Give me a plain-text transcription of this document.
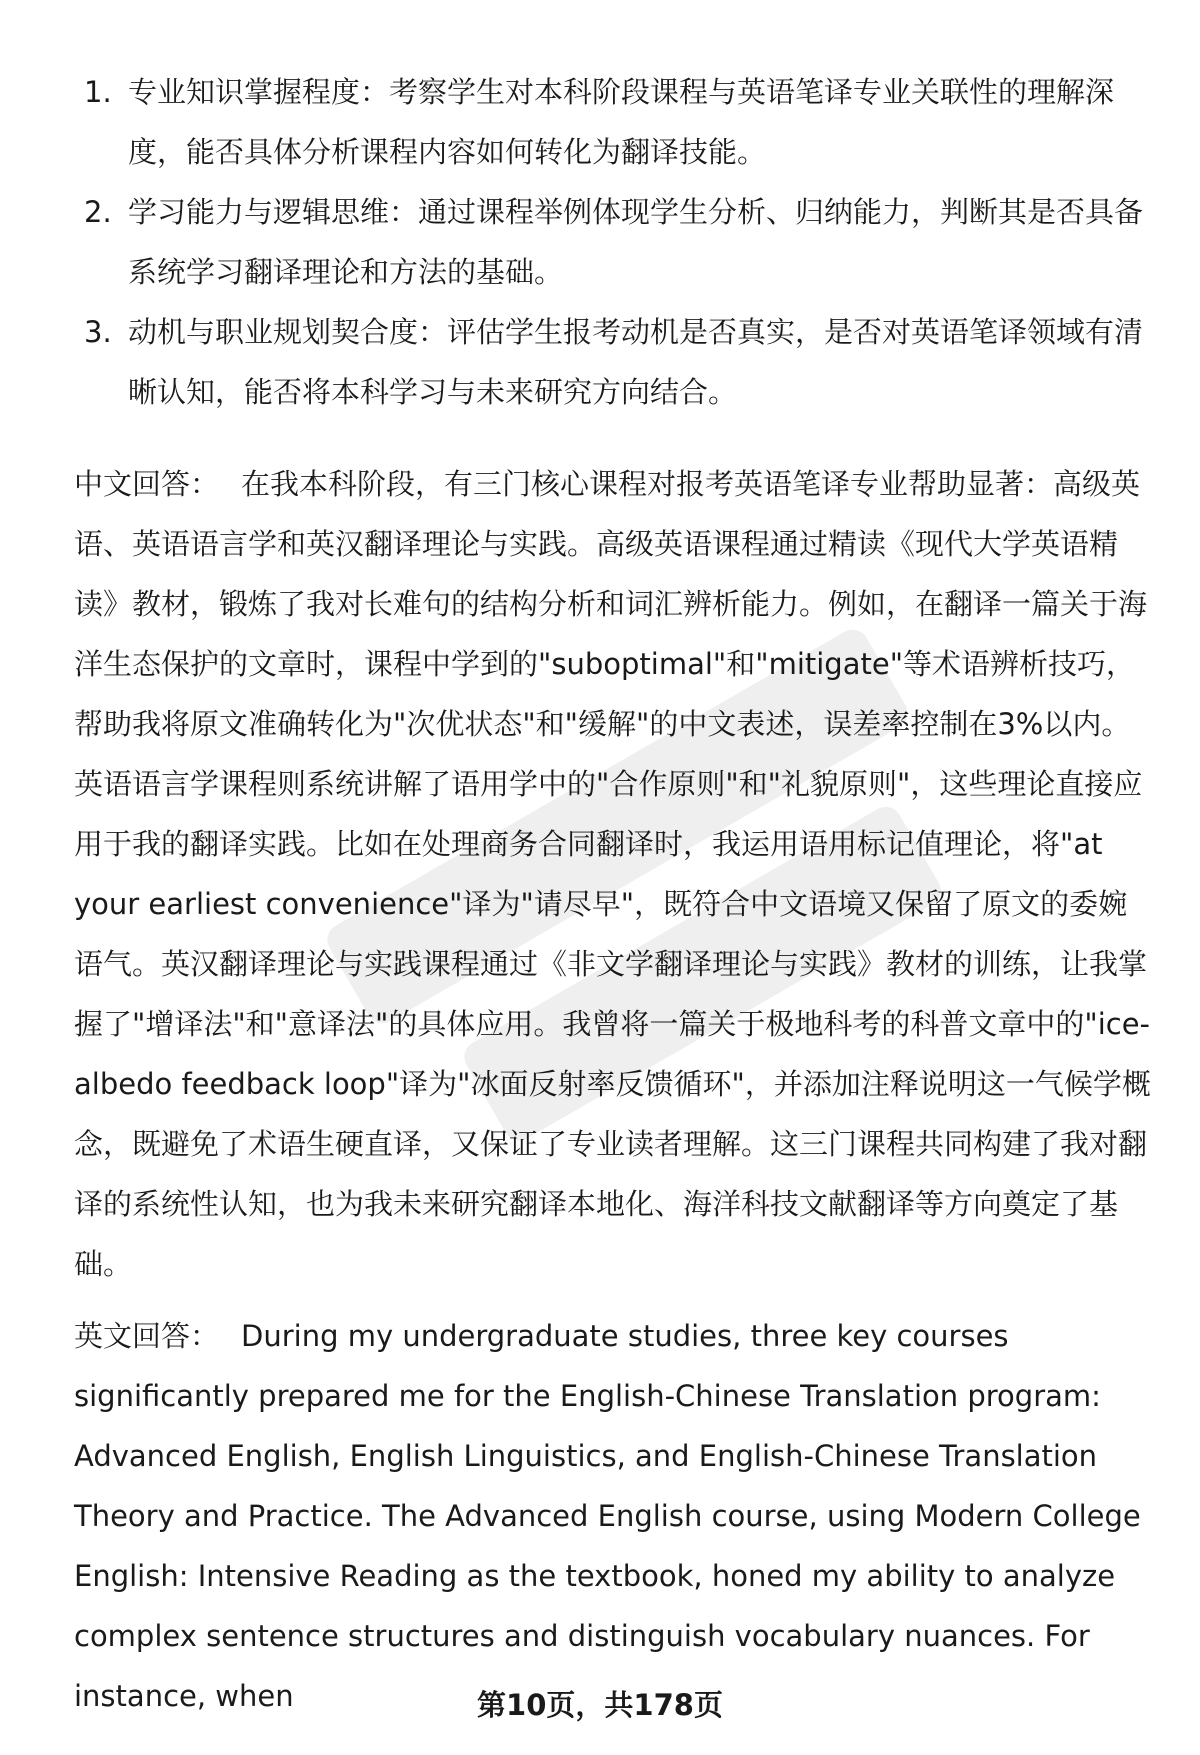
1. 专业知识掌握程度：考察学生对本科阶段课程与英语笔译专业关联性的理解深度，能否具体分析课程内容如何转化为翻译技能。
2. 学习能力与逻辑思维：通过课程举例体现学生分析、归纳能力，判断其是否具备系统学习翻译理论和方法的基础。
3. 动机与职业规划契合度：评估学生报考动机是否真实，是否对英语笔译领域有清晰认知，能否将本科学习与未来研究方向结合。

中文回答： 在我本科阶段，有三门核心课程对报考英语笔译专业帮助显著：高级英语、英语语言学和英汉翻译理论与实践。高级英语课程通过精读《现代大学英语精读》教材，锻炼了我对长难句的结构分析和词汇辨析能力。例如，在翻译一篇关于海洋生态保护的文章时，课程中学到的"suboptimal"和"mitigate"等术语辨析技巧，帮助我将原文准确转化为"次优状态"和"缓解"的中文表述，误差率控制在3%以内。英语语言学课程则系统讲解了语用学中的"合作原则"和"礼貌原则"，这些理论直接应用于我的翻译实践。比如在处理商务合同翻译时，我运用语用标记值理论，将"at your earliest convenience"译为"请尽早"，既符合中文语境又保留了原文的委婉语气。英汉翻译理论与实践课程通过《非文学翻译理论与实践》教材的训练，让我掌握了"增译法"和"意译法"的具体应用。我曾将一篇关于极地科考的科普文章中的"ice-albedo feedback loop"译为"冰面反射率反馈循环"，并添加注释说明这一气候学概念，既避免了术语生硬直译，又保证了专业读者理解。这三门课程共同构建了我对翻译的系统性认知，也为我未来研究翻译本地化、海洋科技文献翻译等方向奠定了基础。

英文回答： During my undergraduate studies, three key courses significantly prepared me for the English-Chinese Translation program: Advanced English, English Linguistics, and English-Chinese Translation Theory and Practice. The Advanced English course, using Modern College English: Intensive Reading as the textbook, honed my ability to analyze complex sentence structures and distinguish vocabulary nuances. For instance, when	第10页，共178页
